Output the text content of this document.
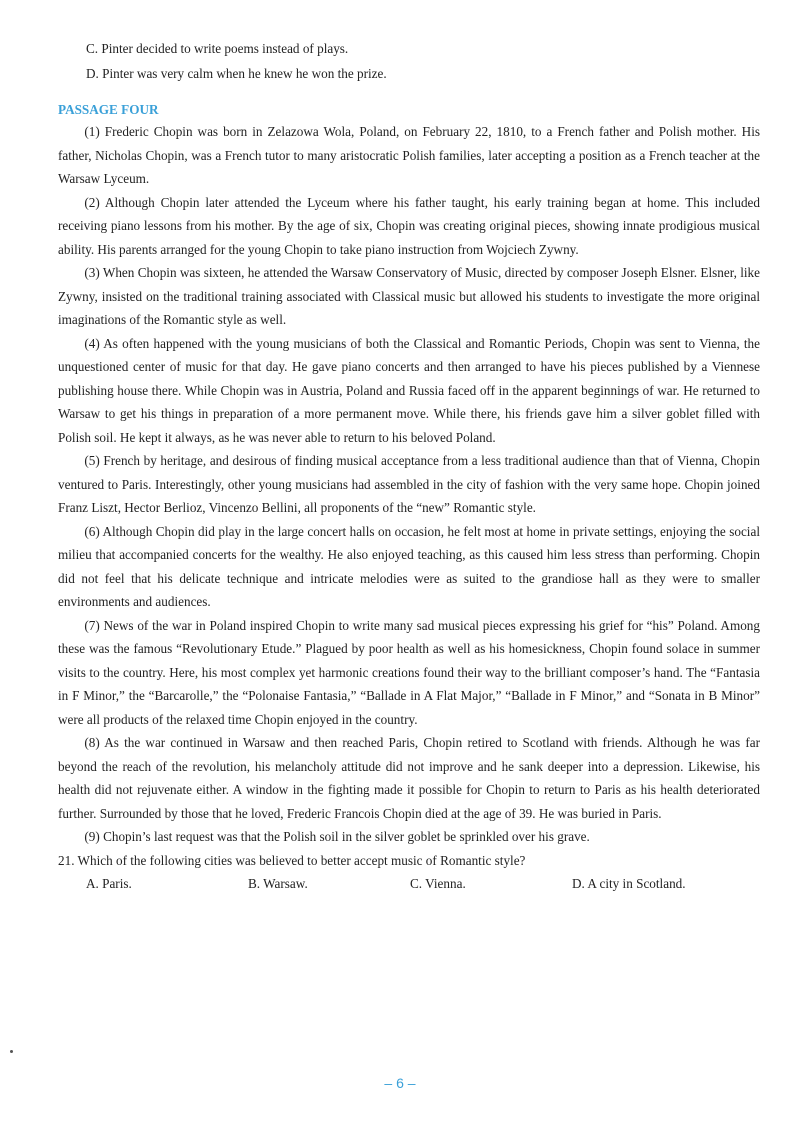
C. Pinter decided to write poems instead of plays.
D. Pinter was very calm when he knew he won the prize.
PASSAGE FOUR

(1) Frederic Chopin was born in Zelazowa Wola, Poland, on February 22, 1810, to a French father and Polish mother. His father, Nicholas Chopin, was a French tutor to many aristocratic Polish families, later accepting a position as a French teacher at the Warsaw Lyceum.

(2) Although Chopin later attended the Lyceum where his father taught, his early training began at home. This included receiving piano lessons from his mother. By the age of six, Chopin was creating original pieces, showing innate prodigious musical ability. His parents arranged for the young Chopin to take piano instruction from Wojciech Zywny.

(3) When Chopin was sixteen, he attended the Warsaw Conservatory of Music, directed by composer Joseph Elsner. Elsner, like Zywny, insisted on the traditional training associated with Classical music but allowed his students to investigate the more original imaginations of the Romantic style as well.

(4) As often happened with the young musicians of both the Classical and Romantic Periods, Chopin was sent to Vienna, the unquestioned center of music for that day. He gave piano concerts and then arranged to have his pieces published by a Viennese publishing house there. While Chopin was in Austria, Poland and Russia faced off in the apparent beginnings of war. He returned to Warsaw to get his things in preparation of a more permanent move. While there, his friends gave him a silver goblet filled with Polish soil. He kept it always, as he was never able to return to his beloved Poland.

(5) French by heritage, and desirous of finding musical acceptance from a less traditional audience than that of Vienna, Chopin ventured to Paris. Interestingly, other young musicians had assembled in the city of fashion with the very same hope. Chopin joined Franz Liszt, Hector Berlioz, Vincenzo Bellini, all proponents of the “new” Romantic style.

(6) Although Chopin did play in the large concert halls on occasion, he felt most at home in private settings, enjoying the social milieu that accompanied concerts for the wealthy. He also enjoyed teaching, as this caused him less stress than performing. Chopin did not feel that his delicate technique and intricate melodies were as suited to the grandiose hall as they were to smaller environments and audiences.

(7) News of the war in Poland inspired Chopin to write many sad musical pieces expressing his grief for “his” Poland. Among these was the famous “Revolutionary Etude.” Plagued by poor health as well as his homesickness, Chopin found solace in summer visits to the country. Here, his most complex yet harmonic creations found their way to the brilliant composer’s hand. The “Fantasia in F Minor,” the “Barcarolle,” the “Polonaise Fantasia,” “Ballade in A Flat Major,” “Ballade in F Minor,” and “Sonata in B Minor” were all products of the relaxed time Chopin enjoyed in the country.

(8) As the war continued in Warsaw and then reached Paris, Chopin retired to Scotland with friends. Although he was far beyond the reach of the revolution, his melancholy attitude did not improve and he sank deeper into a depression. Likewise, his health did not rejuvenate either. A window in the fighting made it possible for Chopin to return to Paris as his health deteriorated further. Surrounded by those that he loved, Frederic Francois Chopin died at the age of 39. He was buried in Paris.

(9) Chopin’s last request was that the Polish soil in the silver goblet be sprinkled over his grave.

21. Which of the following cities was believed to better accept music of Romantic style?
A. Paris.	B. Warsaw.	C. Vienna.	D. A city in Scotland.
– 6 –
